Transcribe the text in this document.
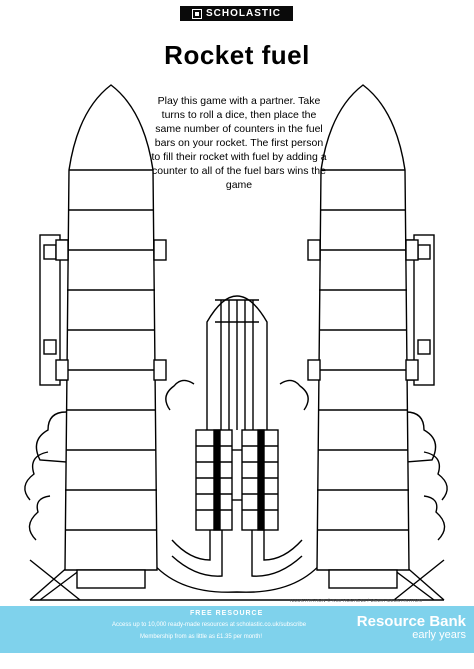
SCHOLASTIC
Rocket fuel
Play this game with a partner. Take turns to roll a dice, then place the same number of counters in the fuel bars on your rocket. The first person to fill their rocket with fuel by adding a counter to all of the fuel bars wins the game
ILLUSTRATION © KIM ROCHELL / DELIA ILLUSTRATION
FREE RESOURCE
Access up to 10,000 ready-made resources at scholastic.co.uk/subscribe
Membership from as little as £1.35 per month!
Resource Bank
early years
